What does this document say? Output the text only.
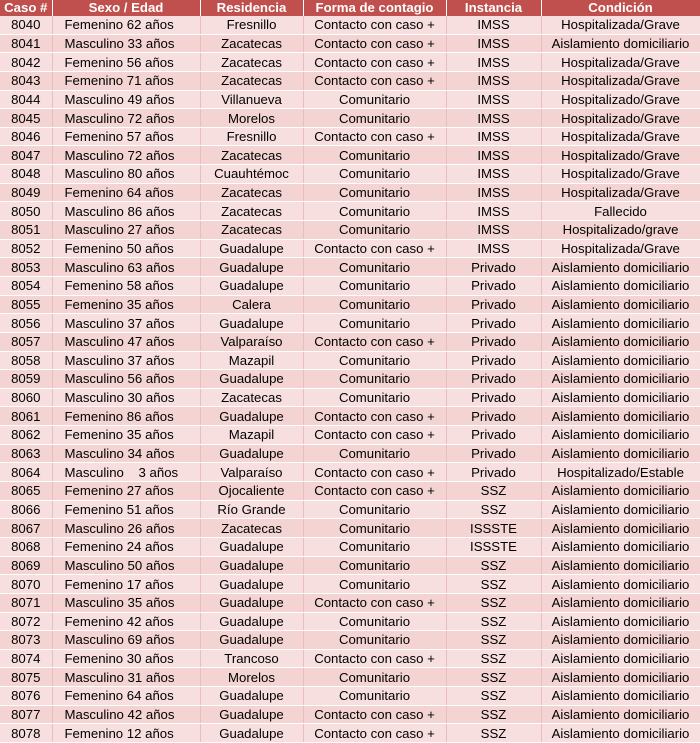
Caso #	Sexo / Edad	Residencia	Forma de contagio	Instancia	Condición
8040	Femenino 62 años	Fresnillo	Contacto con caso +	IMSS	Hospitalizada/Grave
8041	Masculino 33 años	Zacatecas	Contacto con caso +	IMSS	Aislamiento domiciliario
8042	Femenino 56 años	Zacatecas	Contacto con caso +	IMSS	Hospitalizada/Grave
8043	Femenino 71 años	Zacatecas	Contacto con caso +	IMSS	Hospitalizada/Grave
8044	Masculino 49 años	Villanueva	Comunitario	IMSS	Hospitalizado/Grave
8045	Masculino 72 años	Morelos	Comunitario	IMSS	Hospitalizado/Grave
8046	Femenino 57 años	Fresnillo	Contacto con caso +	IMSS	Hospitalizada/Grave
8047	Masculino 72 años	Zacatecas	Comunitario	IMSS	Hospitalizado/Grave
8048	Masculino 80 años	Cuauhtémoc	Comunitario	IMSS	Hospitalizado/Grave
8049	Femenino 64 años	Zacatecas	Comunitario	IMSS	Hospitalizada/Grave
8050	Masculino 86 años	Zacatecas	Comunitario	IMSS	Fallecido
8051	Masculino 27 años	Zacatecas	Comunitario	IMSS	Hospitalizado/grave
8052	Femenino 50 años	Guadalupe	Contacto con caso +	IMSS	Hospitalizada/Grave
8053	Masculino 63 años	Guadalupe	Comunitario	Privado	Aislamiento domiciliario
8054	Femenino 58 años	Guadalupe	Comunitario	Privado	Aislamiento domiciliario
8055	Femenino 35 años	Calera	Comunitario	Privado	Aislamiento domiciliario
8056	Masculino 37 años	Guadalupe	Comunitario	Privado	Aislamiento domiciliario
8057	Masculino 47 años	Valparaíso	Contacto con caso +	Privado	Aislamiento domiciliario
8058	Masculino 37 años	Mazapil	Comunitario	Privado	Aislamiento domiciliario
8059	Masculino 56 años	Guadalupe	Comunitario	Privado	Aislamiento domiciliario
8060	Masculino 30 años	Zacatecas	Comunitario	Privado	Aislamiento domiciliario
8061	Femenino 86 años	Guadalupe	Contacto con caso +	Privado	Aislamiento domiciliario
8062	Femenino 35 años	Mazapil	Contacto con caso +	Privado	Aislamiento domiciliario
8063	Masculino 34 años	Guadalupe	Comunitario	Privado	Aislamiento domiciliario
8064	Masculino    3 años	Valparaíso	Contacto con caso +	Privado	Hospitalizado/Estable
8065	Femenino 27 años	Ojocaliente	Contacto con caso +	SSZ	Aislamiento domiciliario
8066	Femenino 51 años	Río Grande	Comunitario	SSZ	Aislamiento domiciliario
8067	Masculino 26 años	Zacatecas	Comunitario	ISSSTE	Aislamiento domiciliario
8068	Femenino 24 años	Guadalupe	Comunitario	ISSSTE	Aislamiento domiciliario
8069	Masculino 50 años	Guadalupe	Comunitario	SSZ	Aislamiento domiciliario
8070	Femenino 17 años	Guadalupe	Comunitario	SSZ	Aislamiento domiciliario
8071	Masculino 35 años	Guadalupe	Contacto con caso +	SSZ	Aislamiento domiciliario
8072	Femenino 42 años	Guadalupe	Comunitario	SSZ	Aislamiento domiciliario
8073	Masculino 69 años	Guadalupe	Comunitario	SSZ	Aislamiento domiciliario
8074	Femenino 30 años	Trancoso	Contacto con caso +	SSZ	Aislamiento domiciliario
8075	Masculino 31 años	Morelos	Comunitario	SSZ	Aislamiento domiciliario
8076	Femenino 64 años	Guadalupe	Comunitario	SSZ	Aislamiento domiciliario
8077	Masculino 42 años	Guadalupe	Contacto con caso +	SSZ	Aislamiento domiciliario
8078	Femenino 12 años	Guadalupe	Contacto con caso +	SSZ	Aislamiento domiciliario
